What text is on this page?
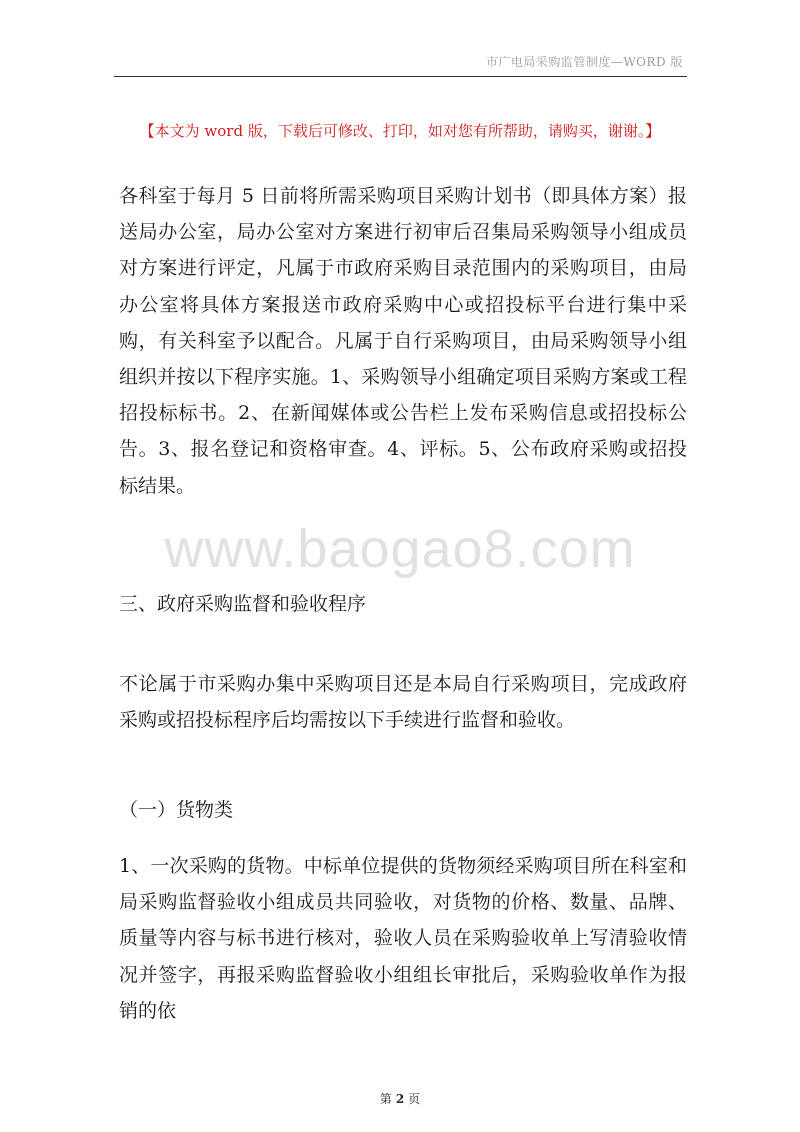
市广电局采购监管制度—WORD 版
【本文为 word 版，下载后可修改、打印，如对您有所帮助，请购买，谢谢。】

各科室于每月 5 日前将所需采购项目采购计划书（即具体方案）报送局办公室，局办公室对方案进行初审后召集局采购领导小组成员对方案进行评定，凡属于市政府采购目录范围内的采购项目，由局办公室将具体方案报送市政府采购中心或招投标平台进行集中采购，有关科室予以配合。凡属于自行采购项目，由局采购领导小组组织并按以下程序实施。1、采购领导小组确定项目采购方案或工程招投标标书。2、在新闻媒体或公告栏上发布采购信息或招投标公告。3、报名登记和资格审查。4、评标。5、公布政府采购或招投标结果。

www.baogao8.com

三、政府采购监督和验收程序

不论属于市采购办集中采购项目还是本局自行采购项目，完成政府采购或招投标程序后均需按以下手续进行监督和验收。

（一）货物类

1、一次采购的货物。中标单位提供的货物须经采购项目所在科室和局采购监督验收小组成员共同验收，对货物的价格、数量、品牌、质量等内容与标书进行核对，验收人员在采购验收单上写清验收情况并签字，再报采购监督验收小组组长审批后，采购验收单作为报销的依

第 2 页
